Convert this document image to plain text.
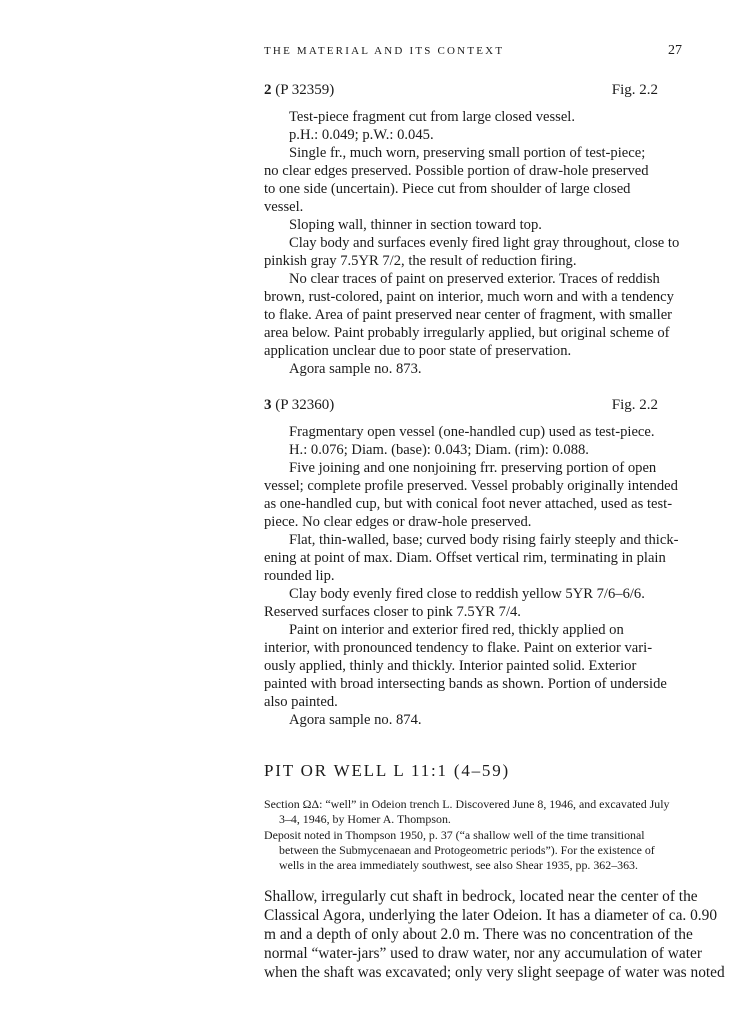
THE MATERIAL AND ITS CONTEXT	27
2 (P 32359)	Fig. 2.2
Test-piece fragment cut from large closed vessel.
p.H.: 0.049; p.W.: 0.045.
Single fr., much worn, preserving small portion of test-piece;
no clear edges preserved. Possible portion of draw-hole preserved
to one side (uncertain). Piece cut from shoulder of large closed
vessel.
Sloping wall, thinner in section toward top.
Clay body and surfaces evenly fired light gray throughout, close to
pinkish gray 7.5YR 7/2, the result of reduction firing.
No clear traces of paint on preserved exterior. Traces of reddish
brown, rust-colored, paint on interior, much worn and with a tendency
to flake. Area of paint preserved near center of fragment, with smaller
area below. Paint probably irregularly applied, but original scheme of
application unclear due to poor state of preservation.
Agora sample no. 873.
3 (P 32360)	Fig. 2.2
Fragmentary open vessel (one-handled cup) used as test-piece.
H.: 0.076; Diam. (base): 0.043; Diam. (rim): 0.088.
Five joining and one nonjoining frr. preserving portion of open
vessel; complete profile preserved. Vessel probably originally intended
as one-handled cup, but with conical foot never attached, used as test-
piece. No clear edges or draw-hole preserved.
Flat, thin-walled, base; curved body rising fairly steeply and thick-
ening at point of max. Diam. Offset vertical rim, terminating in plain
rounded lip.
Clay body evenly fired close to reddish yellow 5YR 7/6–6/6.
Reserved surfaces closer to pink 7.5YR 7/4.
Paint on interior and exterior fired red, thickly applied on
interior, with pronounced tendency to flake. Paint on exterior vari-
ously applied, thinly and thickly. Interior painted solid. Exterior
painted with broad intersecting bands as shown. Portion of underside
also painted.
Agora sample no. 874.
PIT OR WELL L 11:1 (4–59)
Section ΩΔ: “well” in Odeion trench L. Discovered June 8, 1946, and excavated July
3–4, 1946, by Homer A. Thompson.
Deposit noted in Thompson 1950, p. 37 (“a shallow well of the time transitional
between the Submycenaean and Protogeometric periods”). For the existence of
wells in the area immediately southwest, see also Shear 1935, pp. 362–363.
Shallow, irregularly cut shaft in bedrock, located near the center of the
Classical Agora, underlying the later Odeion. It has a diameter of ca. 0.90
m and a depth of only about 2.0 m. There was no concentration of the
normal “water-jars” used to draw water, nor any accumulation of water
when the shaft was excavated; only very slight seepage of water was noted
